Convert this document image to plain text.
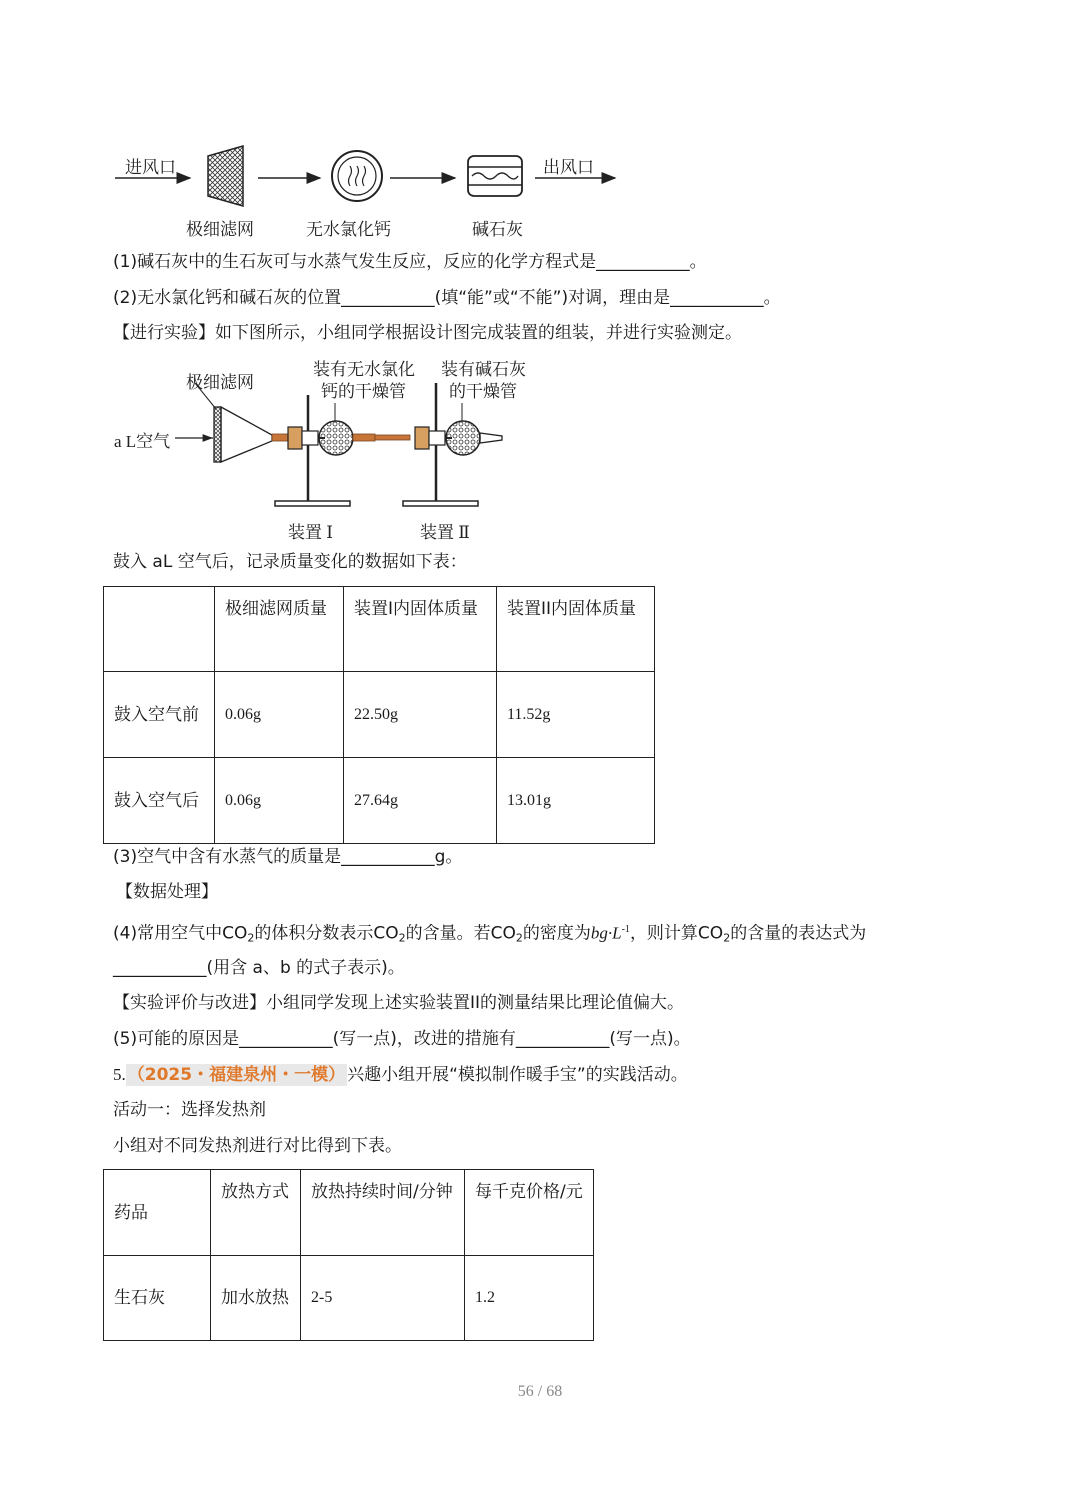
进风口	出风口
极细滤网	无水氯化钙	碱石灰
(1)碱石灰中的生石灰可与水蒸气发生反应，反应的化学方程式是___________。
(2)无水氯化钙和碱石灰的位置___________(填“能”或“不能”)对调，理由是___________。
【进行实验】如下图所示，小组同学根据设计图完成装置的组装，并进行实验测定。
极细滤网
装有无水氯化
钙的干燥管
装有碱石灰
的干燥管
a L空气
装置 Ⅰ	装置 Ⅱ
鼓入 aL 空气后，记录质量变化的数据如下表：
	极细滤网质量	装置I内固体质量	装置II内固体质量
鼓入空气前	0.06g	22.50g	11.52g
鼓入空气后	0.06g	27.64g	13.01g
(3)空气中含有水蒸气的质量是___________g。
【数据处理】
(4)常用空气中$CO_2$的体积分数表示$CO_2$的含量。若$CO_2$的密度为$bg\cdot L^{-1}$，则计算$CO_2$的含量的表达式为
___________(用含 a、b 的式子表示)。
【实验评价与改进】小组同学发现上述实验装置II的测量结果比理论值偏大。
(5)可能的原因是___________(写一点)，改进的措施有___________(写一点)。
5. （2025・福建泉州・一模） 兴趣小组开展“模拟制作暖手宝”的实践活动。
活动一：选择发热剂
小组对不同发热剂进行对比得到下表。
药品	放热方式	放热持续时间/分钟	每千克价格/元
生石灰	加水放热	2-5	1.2
56 / 68
